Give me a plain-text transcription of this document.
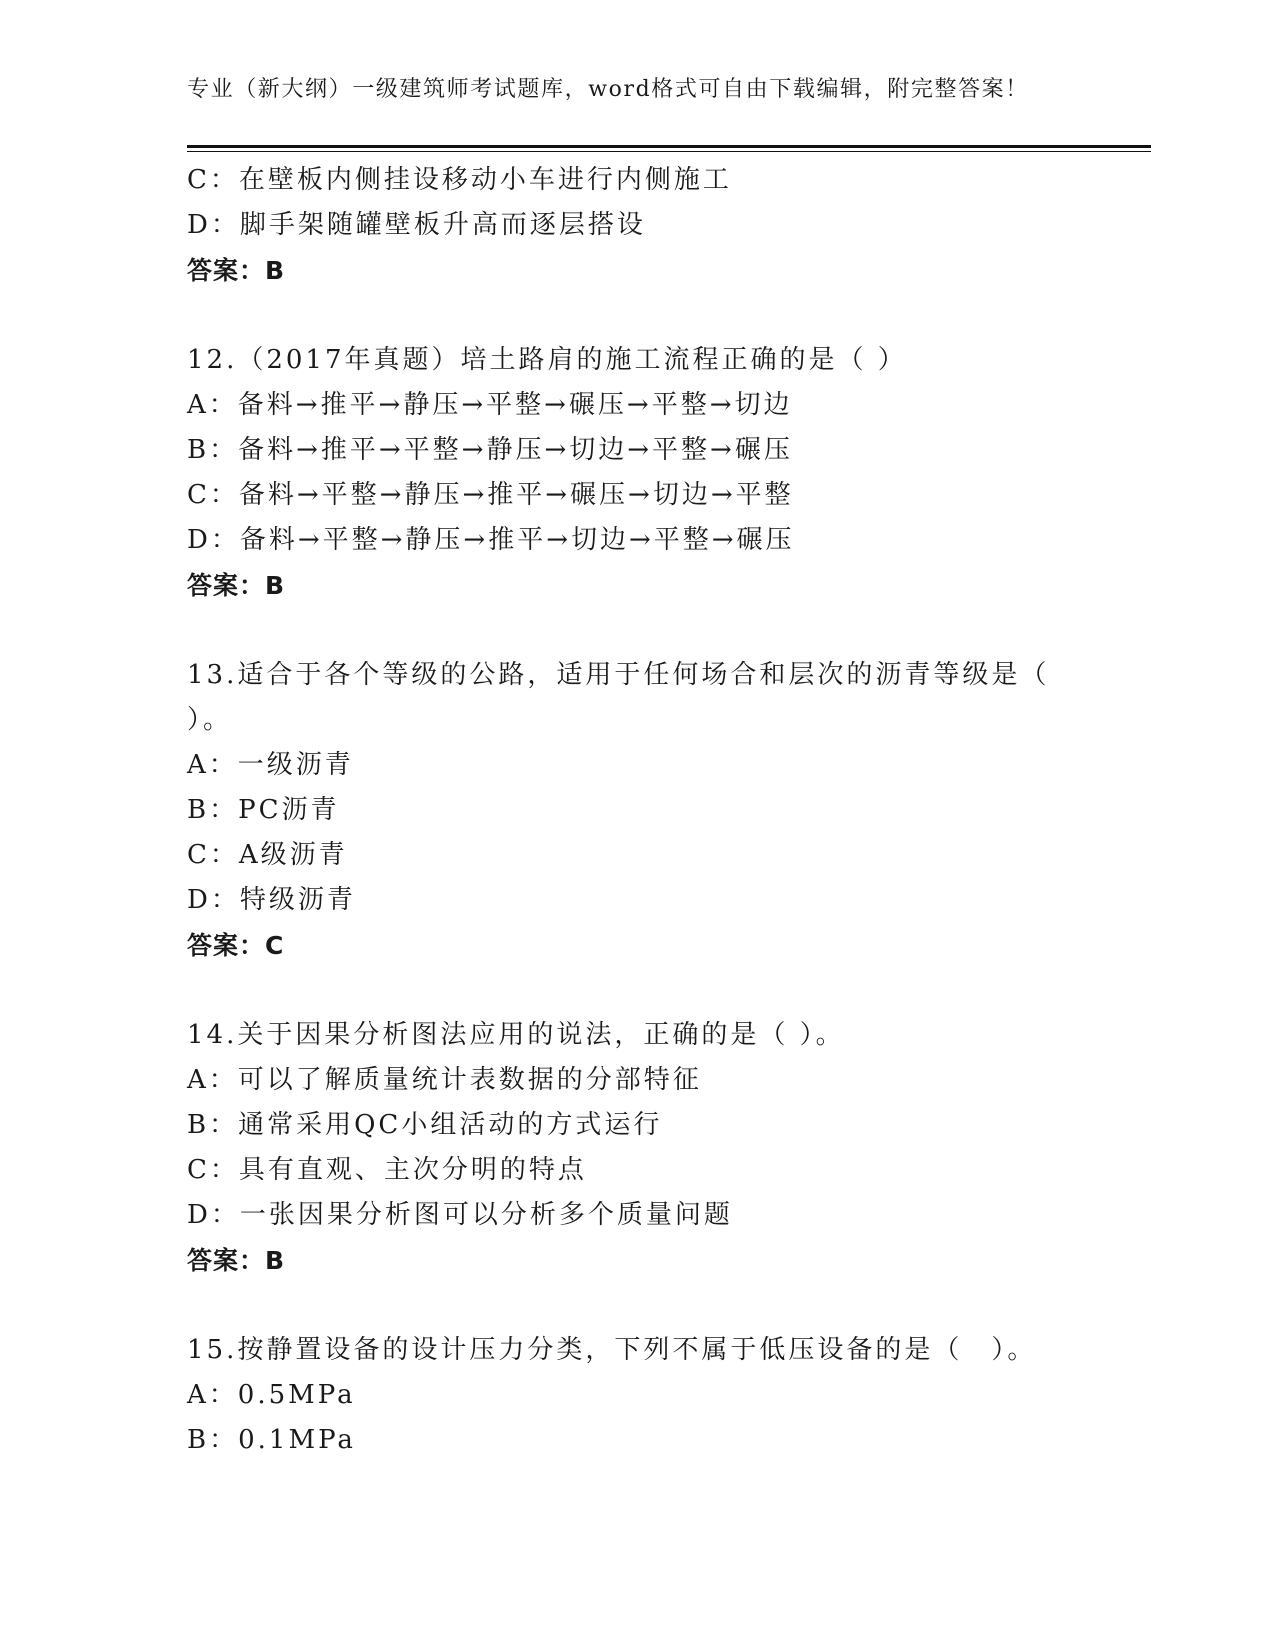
专业（新大纲）一级建筑师考试题库，word格式可自由下载编辑，附完整答案！
C：在壁板内侧挂设移动小车进行内侧施工
D：脚手架随罐壁板升高而逐层搭设
答案：B
12.（2017年真题）培土路肩的施工流程正确的是（ ）
A：备料→推平→静压→平整→碾压→平整→切边
B：备料→推平→平整→静压→切边→平整→碾压
C：备料→平整→静压→推平→碾压→切边→平整
D：备料→平整→静压→推平→切边→平整→碾压
答案：B
13.适合于各个等级的公路，适用于任何场合和层次的沥青等级是（
）。
A：一级沥青
B：PC沥青
C：A级沥青
D：特级沥青
答案：C
14.关于因果分析图法应用的说法，正确的是（ ）。
A：可以了解质量统计表数据的分部特征
B：通常采用QC小组活动的方式运行
C：具有直观、主次分明的特点
D：一张因果分析图可以分析多个质量问题
答案：B
15.按静置设备的设计压力分类，下列不属于低压设备的是（　）。
A：0.5MPa
B：0.1MPa
